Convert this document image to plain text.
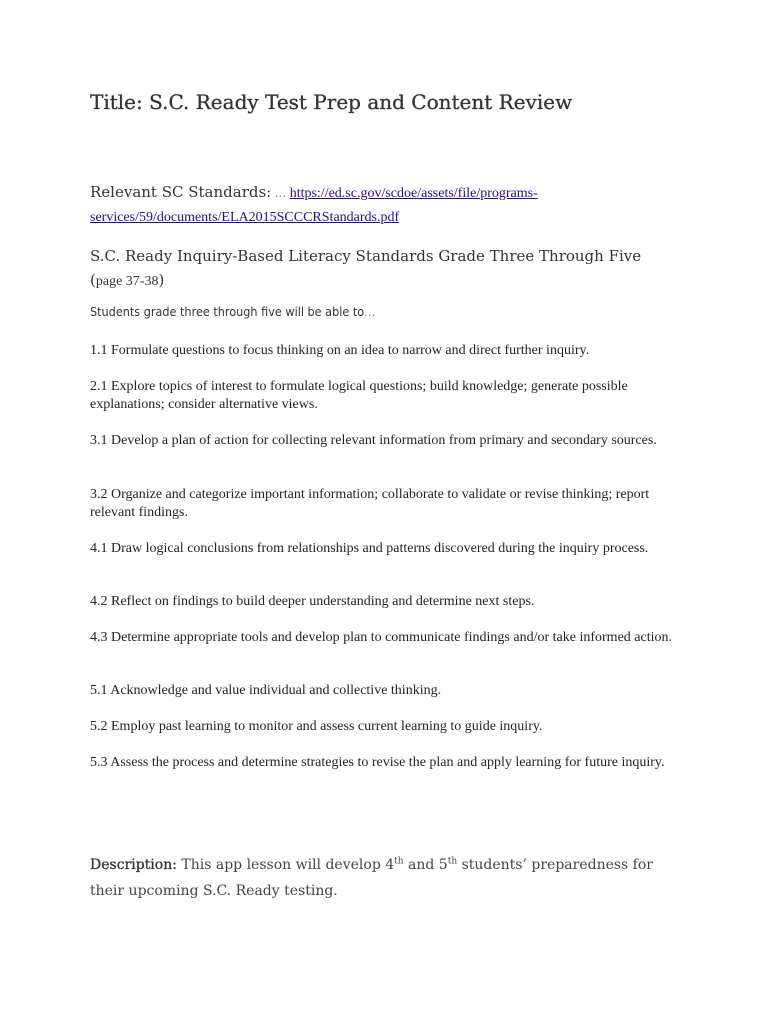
Title: S.C. Ready Test Prep and Content Review
Relevant SC Standards: ... https://ed.sc.gov/scdoe/assets/file/programs-services/59/documents/ELA2015SCCCRStandards.pdf
S.C. Ready Inquiry-Based Literacy Standards Grade Three Through Five
(page 37-38)
Students grade three through five will be able to…

1.1 Formulate questions to focus thinking on an idea to narrow and direct further inquiry.

2.1 Explore topics of interest to formulate logical questions; build knowledge; generate possible explanations; consider alternative views.

3.1 Develop a plan of action for collecting relevant information from primary and secondary sources.

3.2 Organize and categorize important information; collaborate to validate or revise thinking; report relevant findings.

4.1 Draw logical conclusions from relationships and patterns discovered during the inquiry process.

4.2 Reflect on findings to build deeper understanding and determine next steps.

4.3 Determine appropriate tools and develop plan to communicate findings and/or take informed action.

5.1 Acknowledge and value individual and collective thinking.

5.2 Employ past learning to monitor and assess current learning to guide inquiry.

5.3 Assess the process and determine strategies to revise the plan and apply learning for future inquiry.

Description: This app lesson will develop 4th and 5th students’ preparedness for their upcoming S.C. Ready testing.
